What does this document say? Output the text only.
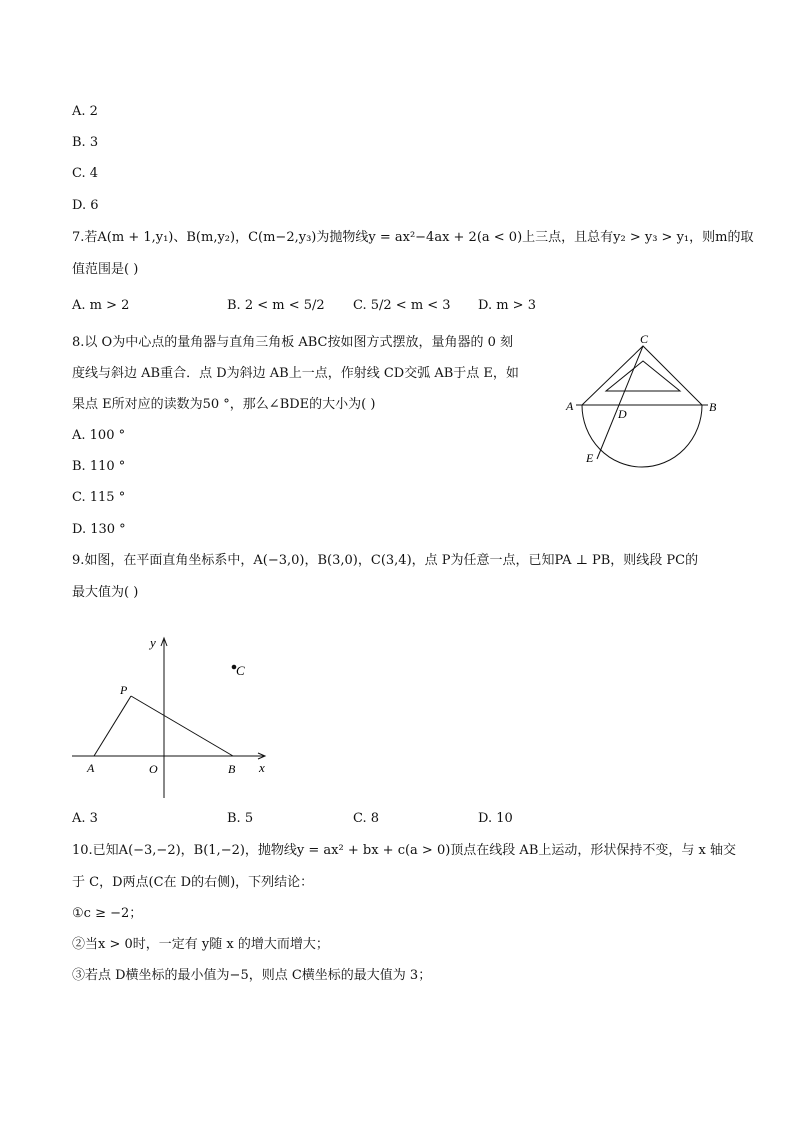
A. 2
B. 3
C. 4
D. 6
7.若A(m + 1,y₁)、B(m,y₂)，C(m−2,y₃)为抛物线y = ax²−4ax + 2(a < 0)上三点，且总有y₂ > y₃ > y₁，则m的取
值范围是( )
A. m > 2	B. 2 < m < 5/2 C. 5/2 < m < 3 D. m > 3
8.以 O为中心点的量角器与直角三角板 ABC按如图方式摆放，量角器的 0 刻
度线与斜边 AB重合．点 D为斜边 AB上一点，作射线 CD交弧 AB于点 E，如
果点 E所对应的读数为50 °，那么∠BDE的大小为( )
A. 100 °
B. 110 °
C. 115 °
D. 130 °
C
A	B
D
E
9.如图，在平面直角坐标系中，A(−3,0)，B(3,0)，C(3,4)，点 P为任意一点，已知PA ⊥ PB，则线段 PC的
最大值为( )
y
x
O
A	B
P
C
A. 3	B. 5	C. 8	D. 10
10.已知A(−3,−2)，B(1,−2)，抛物线y = ax² + bx + c(a > 0)顶点在线段 AB上运动，形状保持不变，与 x 轴交
于 C，D两点(C在 D的右侧)，下列结论：
①c ≥ −2；
②当x > 0时，一定有 y随 x 的增大而增大；
③若点 D横坐标的最小值为−5，则点 C横坐标的最大值为 3；
